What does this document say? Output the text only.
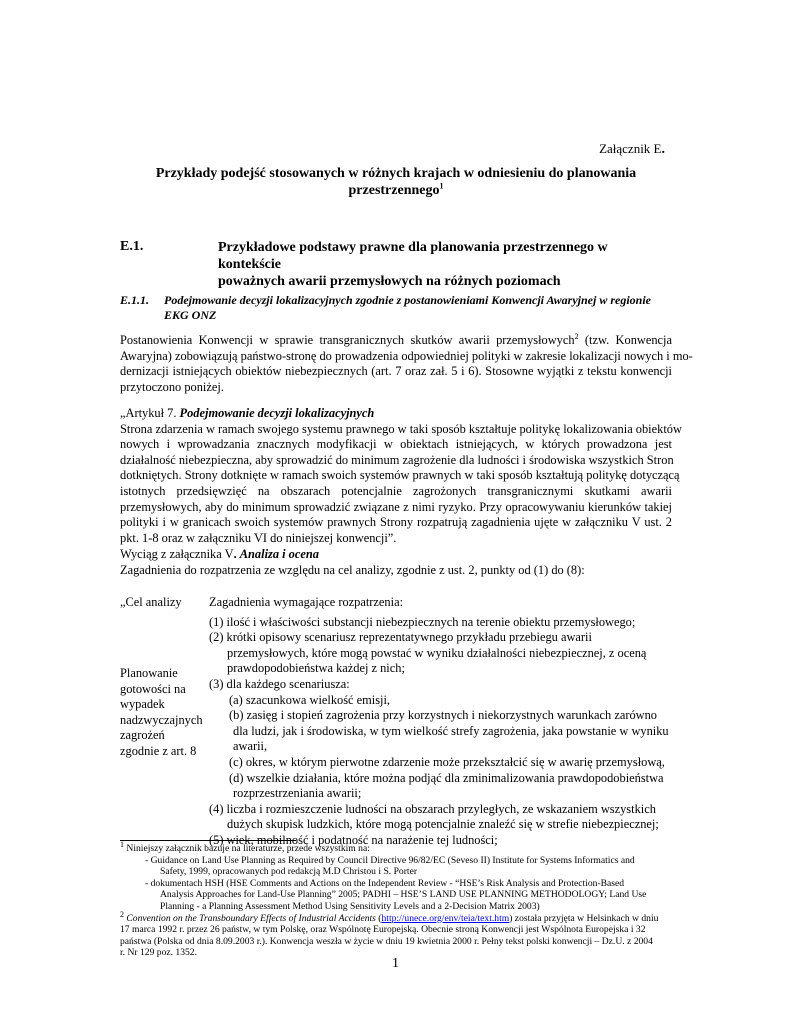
Załącznik E.
Przykłady podejść stosowanych w różnych krajach w odniesieniu do planowania
przestrzennego$^1$
E.1.	Przykładowe podstawy prawne dla planowania przestrzennego w kontekście
poważnych awarii przemysłowych na różnych poziomach
E.1.1. Podejmowanie decyzji lokalizacyjnych zgodnie z postanowieniami Konwencji Awaryjnej w regionie
EKG ONZ
Postanowienia Konwencji w sprawie transgranicznych skutków awarii przemysłowych$^2$ (tzw. Konwencja
Awaryjna) zobowiązują państwo-stronę do prowadzenia odpowiedniej polityki w zakresie lokalizacji nowych i mo-
dernizacji istniejących obiektów niebezpiecznych (art. 7 oraz zał. 5 i 6). Stosowne wyjątki z tekstu konwencji
przytoczono poniżej.
„Artykuł 7. Podejmowanie decyzji lokalizacyjnych
Strona zdarzenia w ramach swojego systemu prawnego w taki sposób kształtuje politykę lokalizowania obiektów
nowych i wprowadzania znacznych modyfikacji w obiektach istniejących, w których prowadzona jest
działalność niebezpieczna, aby sprowadzić do minimum zagrożenie dla ludności i środowiska wszystkich Stron
dotkniętych. Strony dotknięte w ramach swoich systemów prawnych w taki sposób kształtują politykę dotyczącą
istotnych przedsięwzięć na obszarach potencjalnie zagrożonych transgranicznymi skutkami awarii
przemysłowych, aby do minimum sprowadzić związane z nimi ryzyko. Przy opracowywaniu kierunków takiej
polityki i w granicach swoich systemów prawnych Strony rozpatrują zagadnienia ujęte w załączniku V ust. 2
pkt. 1-8 oraz w załączniku VI do niniejszej konwencji”.
Wyciąg z załącznika V. Analiza i ocena
Zagadnienia do rozpatrzenia ze względu na cel analizy, zgodnie z ust. 2, punkty od (1) do (8):
„Cel analizy
Planowanie
gotowości na
wypadek
nadzwyczajnych
zagrożeń
zgodnie z art. 8
Zagadnienia wymagające rozpatrzenia:
(1) ilość i właściwości substancji niebezpiecznych na terenie obiektu przemysłowego;
(2) krótki opisowy scenariusz reprezentatywnego przykładu przebiegu awarii
przemysłowych, które mogą powstać w wyniku działalności niebezpiecznej, z oceną
prawdopodobieństwa każdej z nich;
(3) dla każdego scenariusza:
(a) szacunkowa wielkość emisji,
(b) zasięg i stopień zagrożenia przy korzystnych i niekorzystnych warunkach zarówno
dla ludzi, jak i środowiska, w tym wielkość strefy zagrożenia, jaka powstanie w wyniku
awarii,
(c) okres, w którym pierwotne zdarzenie może przekształcić się w awarię przemysłową,
(d) wszelkie działania, które można podjąć dla zminimalizowania prawdopodobieństwa
rozprzestrzeniania awarii;
(4) liczba i rozmieszczenie ludności na obszarach przyległych, ze wskazaniem wszystkich
dużych skupisk ludzkich, które mogą potencjalnie znaleźć się w strefie niebezpiecznej;
(5) wiek, mobilność i podatność na narażenie tej ludności;
$^1$ Niniejszy załącznik bazuje na literaturze, przede wszystkim na:
- Guidance on Land Use Planning as Required by Council Directive 96/82/EC (Seveso II) Institute for Systems Informatics and
Safety, 1999, opracowanych pod redakcją M.D Christou i S. Porter
- dokumentach HSH (HSE Comments and Actions on the Independent Review - “HSE’s Risk Analysis and Protection-Based
Analysis Approaches for Land-Use Planning” 2005; PADHI – HSE’S LAND USE PLANNING METHODOLOGY; Land Use
Planning - a Planning Assessment Method Using Sensitivity Levels and a 2-Decision Matrix 2003)
$^2$ Convention on the Transboundary Effects of Industrial Accidents (http://unece.org/env/teia/text.htm) została przyjęta w Helsinkach w dniu
17 marca 1992 r. przez 26 państw, w tym Polskę, oraz Wspólnotę Europejską. Obecnie stroną Konwencji jest Wspólnota Europejska i 32
państwa (Polska od dnia 8.09.2003 r.). Konwencja weszła w życie w dniu 19 kwietnia 2000 r. Pełny tekst polski konwencji – Dz.U. z 2004
r. Nr 129 poz. 1352.
1
